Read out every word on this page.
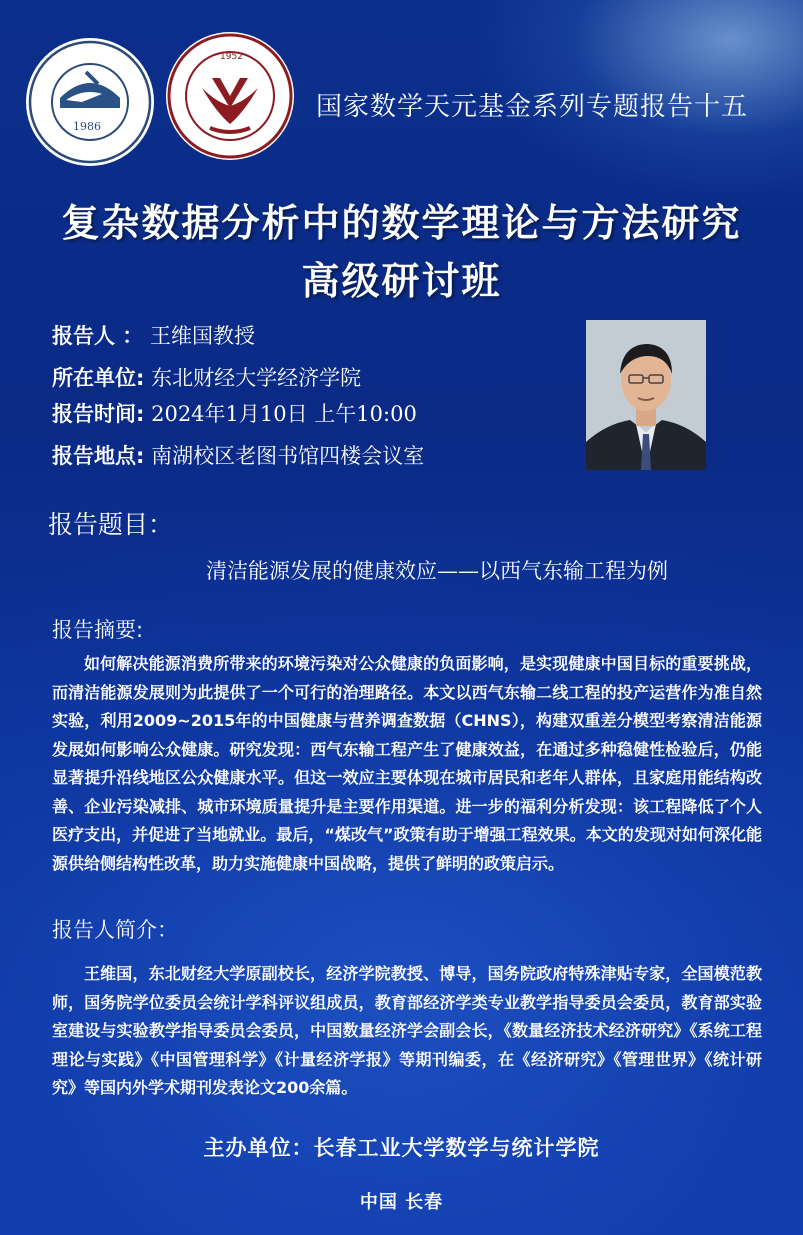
1986
1952
国家数学天元基金系列专题报告十五
复杂数据分析中的数学理论与方法研究
高级研讨班
报告人 ： 王维国教授
所在单位: 东北财经大学经济学院
报告时间: 2024年1月10日 上午10:00
报告地点: 南湖校区老图书馆四楼会议室
报告题目：
清洁能源发展的健康效应——以西气东输工程为例
报告摘要:
如何解决能源消费所带来的环境污染对公众健康的负面影响，是实现健康中国目标的重要挑战，而清洁能源发展则为此提供了一个可行的治理路径。本文以西气东输二线工程的投产运营作为准自然实验，利用2009~2015年的中国健康与营养调查数据（CHNS），构建双重差分模型考察清洁能源发展如何影响公众健康。研究发现：西气东输工程产生了健康效益，在通过多种稳健性检验后，仍能显著提升沿线地区公众健康水平。但这一效应主要体现在城市居民和老年人群体，且家庭用能结构改善、企业污染减排、城市环境质量提升是主要作用渠道。进一步的福利分析发现：该工程降低了个人医疗支出，并促进了当地就业。最后，“煤改气”政策有助于增强工程效果。本文的发现对如何深化能源供给侧结构性改革，助力实施健康中国战略，提供了鲜明的政策启示。
报告人简介：
王维国，东北财经大学原副校长，经济学院教授、博导，国务院政府特殊津贴专家，全国模范教师，国务院学位委员会统计学科评议组成员，教育部经济学类专业教学指导委员会委员，教育部实验室建设与实验教学指导委员会委员，中国数量经济学会副会长，《数量经济技术经济研究》《系统工程理论与实践》《中国管理科学》《计量经济学报》等期刊编委，在《经济研究》《管理世界》《统计研究》等国内外学术期刊发表论文200余篇。
主办单位：长春工业大学数学与统计学院
中国 长春
